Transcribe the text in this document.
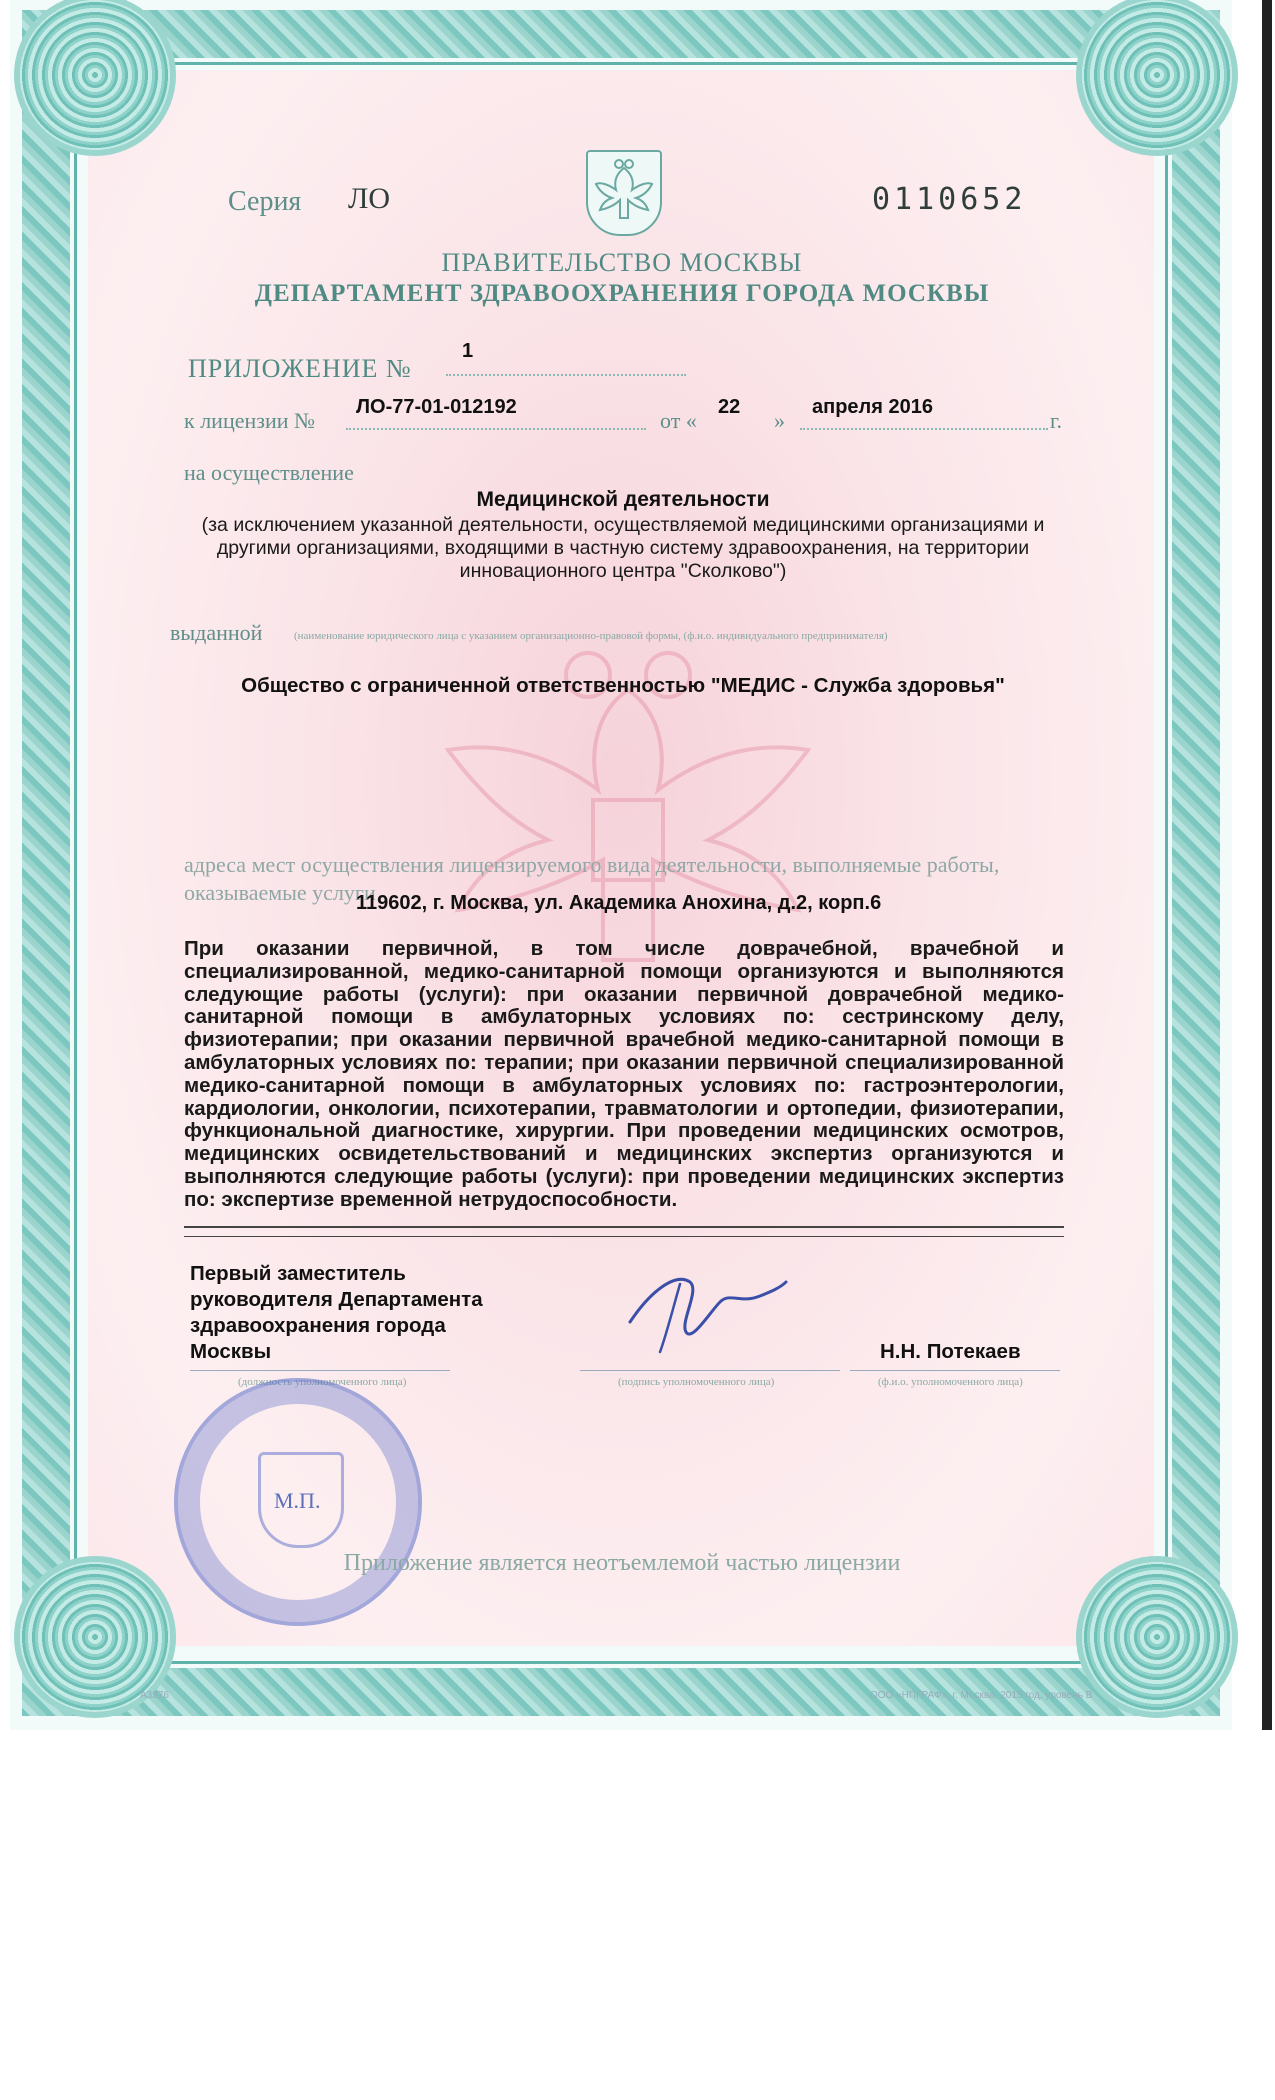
Серия ЛО	0110652
ПРАВИТЕЛЬСТВО МОСКВЫ
ДЕПАРТАМЕНТ ЗДРАВООХРАНЕНИЯ ГОРОДА МОСКВЫ
ПРИЛОЖЕНИЕ №
1
к лицензии №
ЛО-77-01-012192
от «
22
»
апреля 2016
г.
на осуществление
Медицинской деятельности
(за исключением указанной деятельности, осуществляемой медицинскими организациями и другими организациями, входящими в частную систему здравоохранения, на территории инновационного центра "Сколково")
выданной	(наименование юридического лица с указанием организационно-правовой формы, (ф.и.о. индивидуального предпринимателя)
Общество с ограниченной ответственностью "МЕДИС - Служба здоровья"
адреса мест осуществления лицензируемого вида деятельности, выполняемые работы,
оказываемые услуги
119602, г. Москва, ул. Академика Анохина, д.2, корп.6
При оказании первичной, в том числе доврачебной, врачебной и специализированной, медико-санитарной помощи организуются и выполняются следующие работы (услуги): при оказании первичной доврачебной медико-санитарной помощи в амбулаторных условиях по: сестринскому делу, физиотерапии; при оказании первичной врачебной медико-санитарной помощи в амбулаторных условиях по: терапии; при оказании первичной специализированной медико-санитарной помощи в амбулаторных условиях по: гастроэнтерологии, кардиологии, онкологии, психотерапии, травматологии и ортопедии, физиотерапии, функциональной диагностике, хирургии. При проведении медицинских осмотров, медицинских освидетельствований и медицинских экспертиз организуются и выполняются следующие работы (услуги): при проведении медицинских экспертиз по: экспертизе временной нетрудоспособности.
Первый заместитель
руководителя Департамента
здравоохранения города
Москвы	Н.Н. Потекаев
(должность уполномоченного лица)	(подпись уполномоченного лица)	(ф.и.о. уполномоченного лица)
М.П.
Приложение является неотъемлемой частью лицензии
А3376	ООО «НПГРАФ», г. Москва, 2015 год, уровень В
